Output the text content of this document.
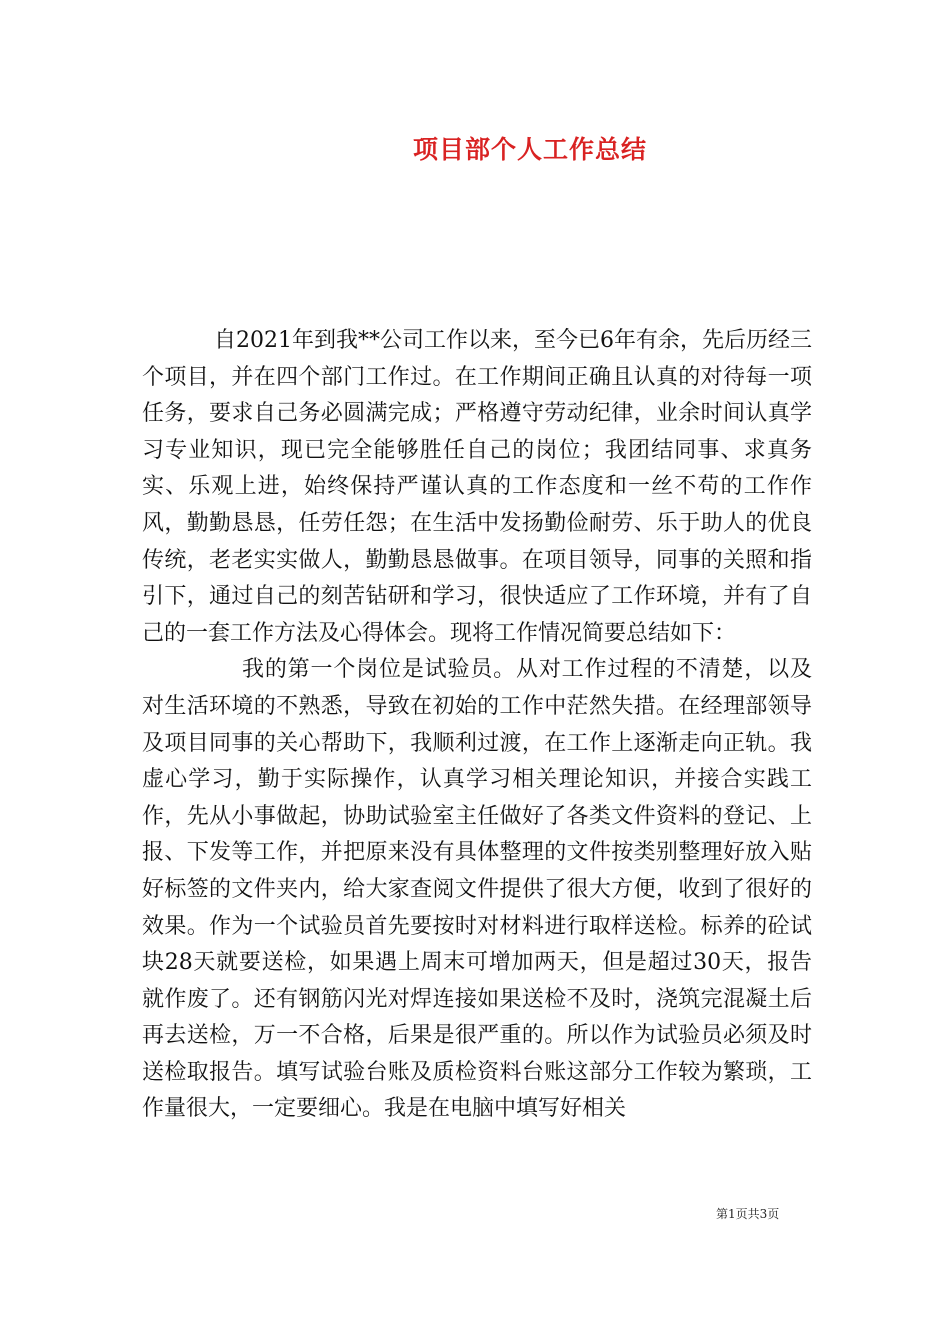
项目部个人工作总结

自2021年到我**公司工作以来，至今已6年有余，先后历经三个项目，并在四个部门工作过。在工作期间正确且认真的对待每一项任务，要求自己务必圆满完成；严格遵守劳动纪律，业余时间认真学习专业知识，现已完全能够胜任自己的岗位；我团结同事、求真务实、乐观上进，始终保持严谨认真的工作态度和一丝不苟的工作作风，勤勤恳恳，任劳任怨；在生活中发扬勤俭耐劳、乐于助人的优良传统，老老实实做人，勤勤恳恳做事。在项目领导，同事的关照和指引下，通过自己的刻苦钻研和学习，很快适应了工作环境，并有了自己的一套工作方法及心得体会。现将工作情况简要总结如下：

我的第一个岗位是试验员。从对工作过程的不清楚，以及对生活环境的不熟悉，导致在初始的工作中茫然失措。在经理部领导及项目同事的关心帮助下，我顺利过渡，在工作上逐渐走向正轨。我虚心学习，勤于实际操作，认真学习相关理论知识，并接合实践工作，先从小事做起，协助试验室主任做好了各类文件资料的登记、上报、下发等工作，并把原来没有具体整理的文件按类别整理好放入贴好标签的文件夹内，给大家查阅文件提供了很大方便，收到了很好的效果。作为一个试验员首先要按时对材料进行取样送检。标养的砼试块28天就要送检，如果遇上周末可增加两天，但是超过30天，报告就作废了。还有钢筋闪光对焊连接如果送检不及时，浇筑完混凝土后再去送检，万一不合格，后果是很严重的。所以作为试验员必须及时送检取报告。填写试验台账及质检资料台账这部分工作较为繁琐，工作量很大，一定要细心。我是在电脑中填写好相关

第1页共3页
